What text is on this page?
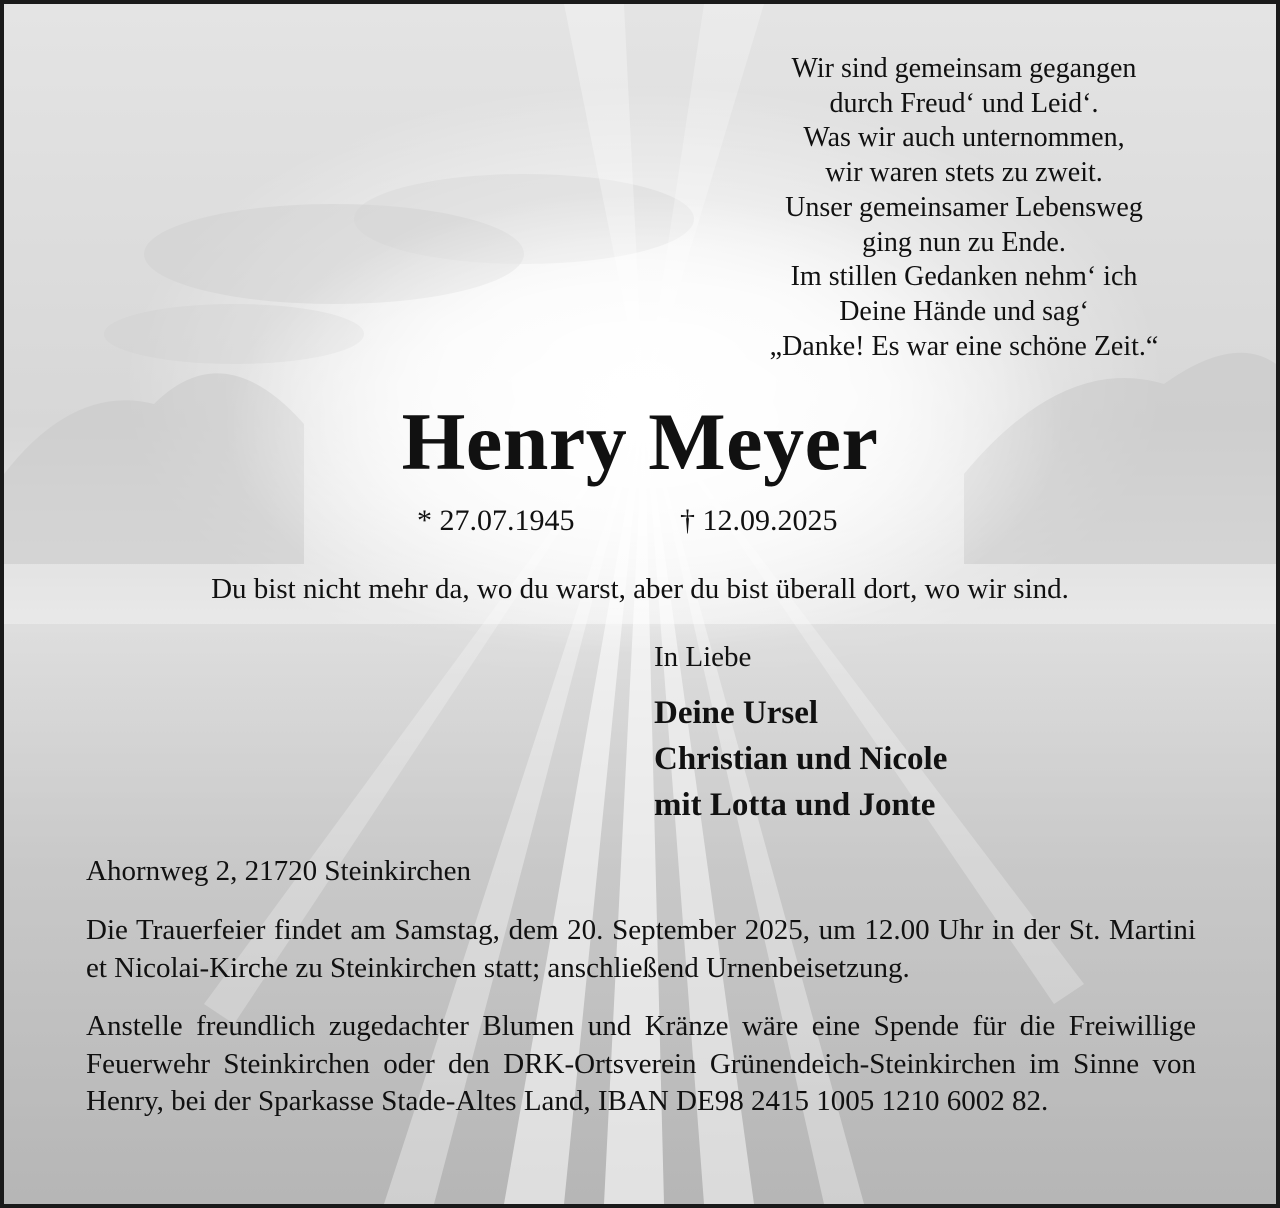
Wir sind gemeinsam gegangen
durch Freud‘ und Leid‘.
Was wir auch unternommen,
wir waren stets zu zweit.
Unser gemeinsamer Lebensweg
ging nun zu Ende.
Im stillen Gedanken nehm‘ ich
Deine Hände und sag‘
„Danke! Es war eine schöne Zeit.“
Henry Meyer
* 27.07.1945	† 12.09.2025
Du bist nicht mehr da, wo du warst, aber du bist überall dort, wo wir sind.
In Liebe
Deine Ursel
Christian und Nicole
mit Lotta und Jonte
Ahornweg 2, 21720 Steinkirchen
Die Trauerfeier findet am Samstag, dem 20. September 2025, um 12.00 Uhr in der St. Martini et Nicolai-Kirche zu Steinkirchen statt; anschließend Urnenbeisetzung.
Anstelle freundlich zugedachter Blumen und Kränze wäre eine Spende für die Freiwillige Feuerwehr Steinkirchen oder den DRK-Ortsverein Grünendeich-Steinkirchen im Sinne von Henry, bei der Sparkasse Stade-Altes Land, IBAN DE98 2415 1005 1210 6002 82.
